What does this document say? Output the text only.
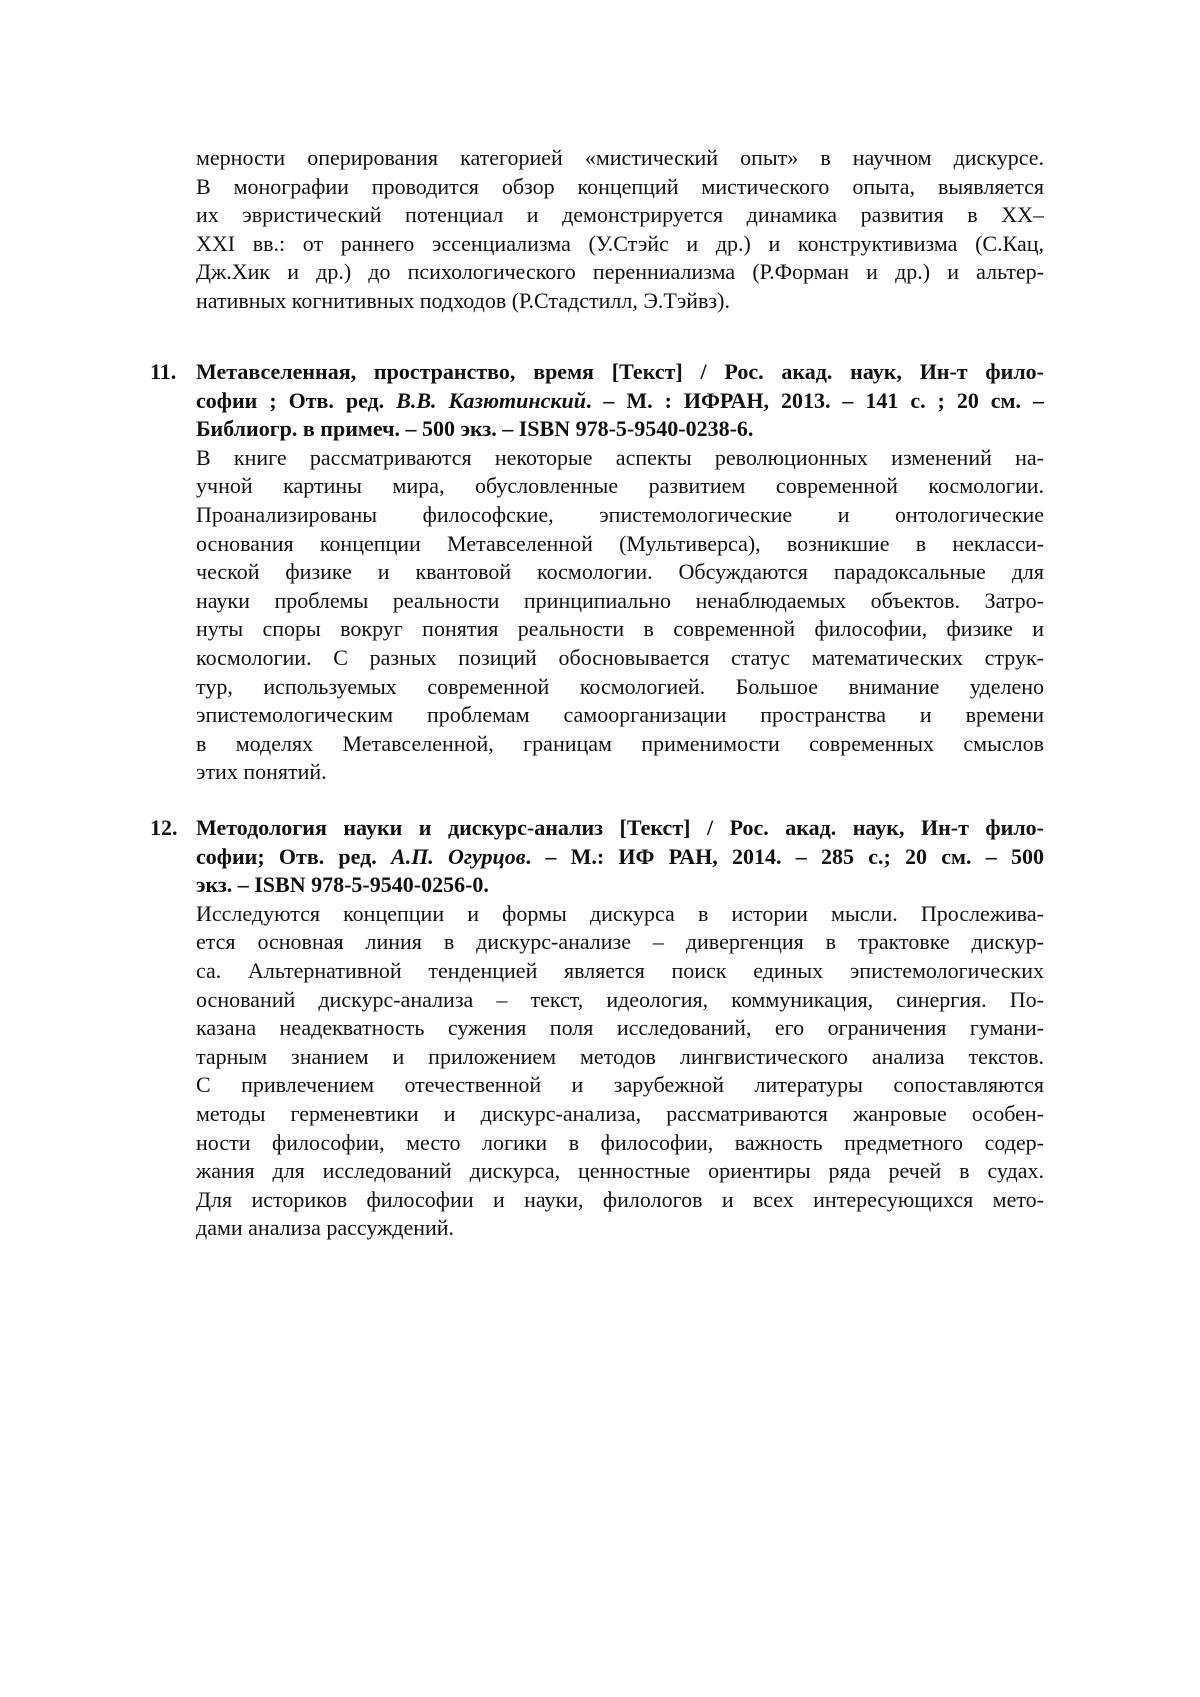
мерности оперирования категорией «мистический опыт» в научном дискурсе.
В монографии проводится обзор концепций мистического опыта, выявляется
их эвристический потенциал и демонстрируется динамика развития в XX–
XXI вв.: от раннего эссенциализма (У.Стэйс и др.) и конструктивизма (С.Кац,
Дж.Хик и др.) до психологического перенниализма (Р.Форман и др.) и альтер-
нативных когнитивных подходов (Р.Стадстилл, Э.Тэйвз).
11. Метавселенная, пространство, время [Текст] / Рос. акад. наук, Ин-т фило-
софии ; Отв. ред. В.В. Казютинский. – М. : ИФРАН, 2013. – 141 с. ; 20 см. –
Библиогр. в примеч. – 500 экз. – ISBN 978-5-9540-0238-6.
В книге рассматриваются некоторые аспекты революционных изменений на-
учной картины мира, обусловленные развитием современной космологии.
Проанализированы философские, эпистемологические и онтологические
основания концепции Метавселенной (Мультиверса), возникшие в некласси-
ческой физике и квантовой космологии. Обсуждаются парадоксальные для
науки проблемы реальности принципиально ненаблюдаемых объектов. Затро-
нуты споры вокруг понятия реальности в современной философии, физике и
космологии. С разных позиций обосновывается статус математических струк-
тур, используемых современной космологией. Большое внимание уделено
эпистемологическим проблемам самоорганизации пространства и времени
в моделях Метавселенной, границам применимости современных смыслов
этих понятий.
12. Методология науки и дискурс-анализ [Текст] / Рос. акад. наук, Ин-т фило-
софии; Отв. ред. А.П. Огурцов. – М.: ИФ РАН, 2014. – 285 с.; 20 см. – 500
экз. – ISBN 978-5-9540-0256-0.
Исследуются концепции и формы дискурса в истории мысли. Прослежива-
ется основная линия в дискурс-анализе – дивергенция в трактовке дискур-
са. Альтернативной тенденцией является поиск единых эпистемологических
оснований дискурс-анализа – текст, идеология, коммуникация, синергия. По-
казана неадекватность сужения поля исследований, его ограничения гумани-
тарным знанием и приложением методов лингвистического анализа текстов.
С привлечением отечественной и зарубежной литературы сопоставляются
методы герменевтики и дискурс-анализа, рассматриваются жанровые особен-
ности философии, место логики в философии, важность предметного содер-
жания для исследований дискурса, ценностные ориентиры ряда речей в судах.
Для историков философии и науки, филологов и всех интересующихся мето-
дами анализа рассуждений.
